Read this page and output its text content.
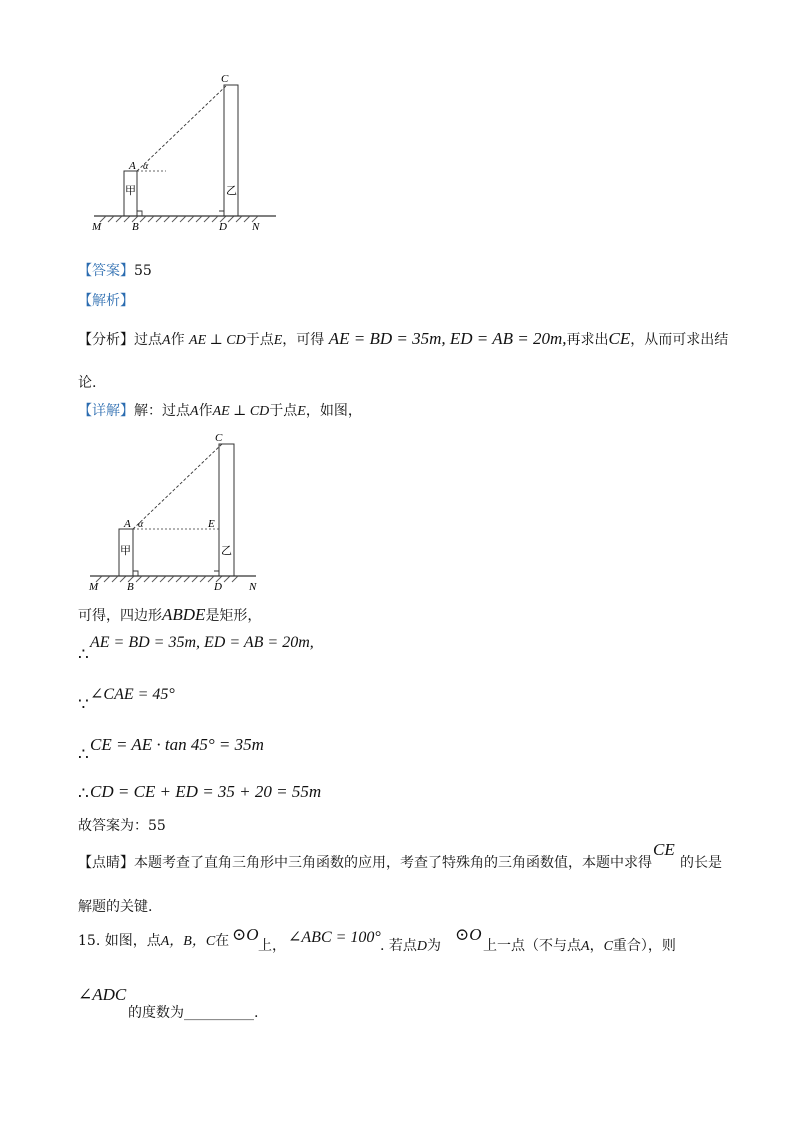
C
A α
甲	乙
M	B	D N
【答案】55
【解析】
【分析】过点A作 AE ⊥ CD于点E，可得 AE = BD = 35m, ED = AB = 20m,再求出CE，从而可求出结
论.
【详解】解：过点A作AE ⊥ CD于点E，如图，
C
A α	E
甲	乙
M	B	D N
可得，四边形ABDE是矩形，
∴
AE = BD = 35m, ED = AB = 20m,
∵
∠CAE = 45°
∴
CE = AE · tan 45° = 35m
∴ CD = CE + ED = 35 + 20 = 55m
故答案为：55
【点睛】本题考查了直角三角形中三角函数的应用，考查了特殊角的三角函数值，本题中求得
CE
的长是
解题的关键.
15. 如图，点A，B，C在 ⊙O
上， ∠ABC = 100° . 若点D为
⊙O
上一点（不与点A，C重合），则
∠ADC
的度数为__________.
